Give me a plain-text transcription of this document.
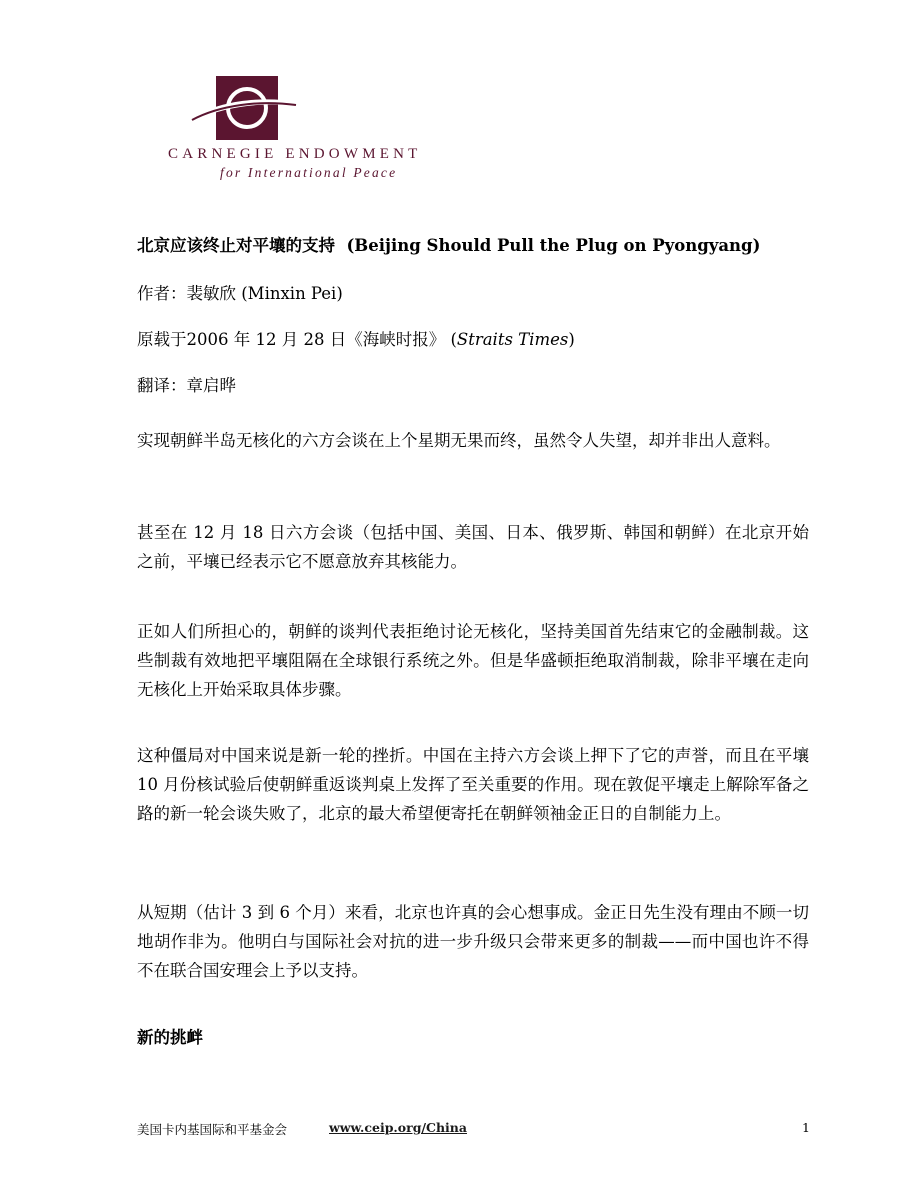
CARNEGIE ENDOWMENT
for International Peace
北京应该终止对平壤的支持 (Beijing Should Pull the Plug on Pyongyang)
作者：裴敏欣 (Minxin Pei)
原载于2006 年 12 月 28 日《海峡时报》 (Straits Times)
翻译：章启晔

实现朝鲜半岛无核化的六方会谈在上个星期无果而终，虽然令人失望，却并非出人意料。

甚至在 12 月 18 日六方会谈（包括中国、美国、日本、俄罗斯、韩国和朝鲜）在北京开始之前，平壤已经表示它不愿意放弃其核能力。

正如人们所担心的，朝鲜的谈判代表拒绝讨论无核化，坚持美国首先结束它的金融制裁。这些制裁有效地把平壤阻隔在全球银行系统之外。但是华盛顿拒绝取消制裁，除非平壤在走向无核化上开始采取具体步骤。

这种僵局对中国来说是新一轮的挫折。中国在主持六方会谈上押下了它的声誉，而且在平壤 10 月份核试验后使朝鲜重返谈判桌上发挥了至关重要的作用。现在敦促平壤走上解除军备之路的新一轮会谈失败了，北京的最大希望便寄托在朝鲜领袖金正日的自制能力上。

从短期（估计 3 到 6 个月）来看，北京也许真的会心想事成。金正日先生没有理由不顾一切地胡作非为。他明白与国际社会对抗的进一步升级只会带来更多的制裁——而中国也许不得不在联合国安理会上予以支持。

新的挑衅
美国卡内基国际和平基金会	www.ceip.org/China	1
